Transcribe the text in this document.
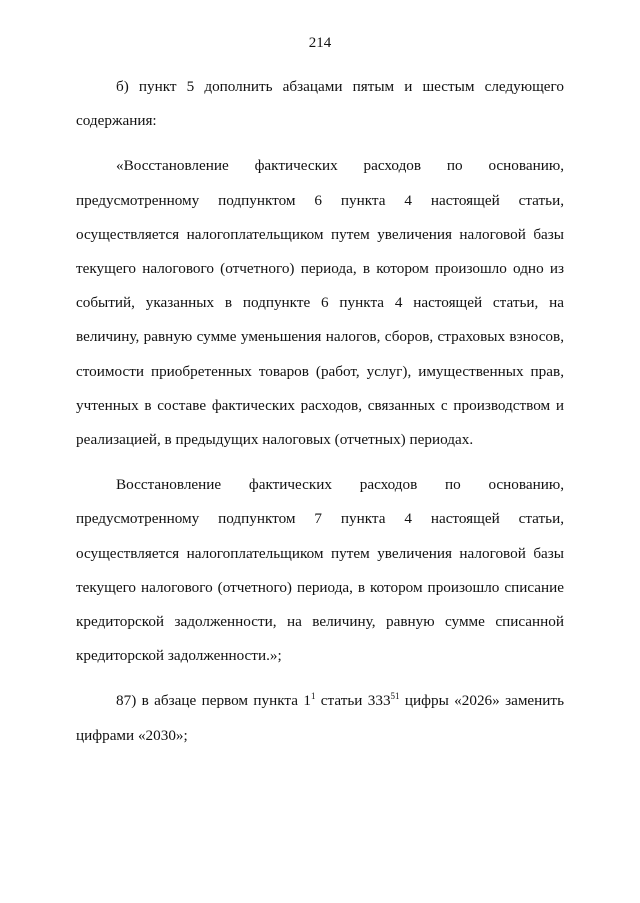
214

б) пункт 5 дополнить абзацами пятым и шестым следующего содержания:

«Восстановление фактических расходов по основанию, предусмотренному подпунктом 6 пункта 4 настоящей статьи, осуществляется налогоплательщиком путем увеличения налоговой базы текущего налогового (отчетного) периода, в котором произошло одно из событий, указанных в подпункте 6 пункта 4 настоящей статьи, на величину, равную сумме уменьшения налогов, сборов, страховых взносов, стоимости приобретенных товаров (работ, услуг), имущественных прав, учтенных в составе фактических расходов, связанных с производством и реализацией, в предыдущих налоговых (отчетных) периодах.

Восстановление фактических расходов по основанию, предусмотренному подпунктом 7 пункта 4 настоящей статьи, осуществляется налогоплательщиком путем увеличения налоговой базы текущего налогового (отчетного) периода, в котором произошло списание кредиторской задолженности, на величину, равную сумме списанной кредиторской задолженности.»;

87) в абзаце первом пункта $1^1$ статьи $333^{51}$ цифры «2026» заменить цифрами «2030»;
